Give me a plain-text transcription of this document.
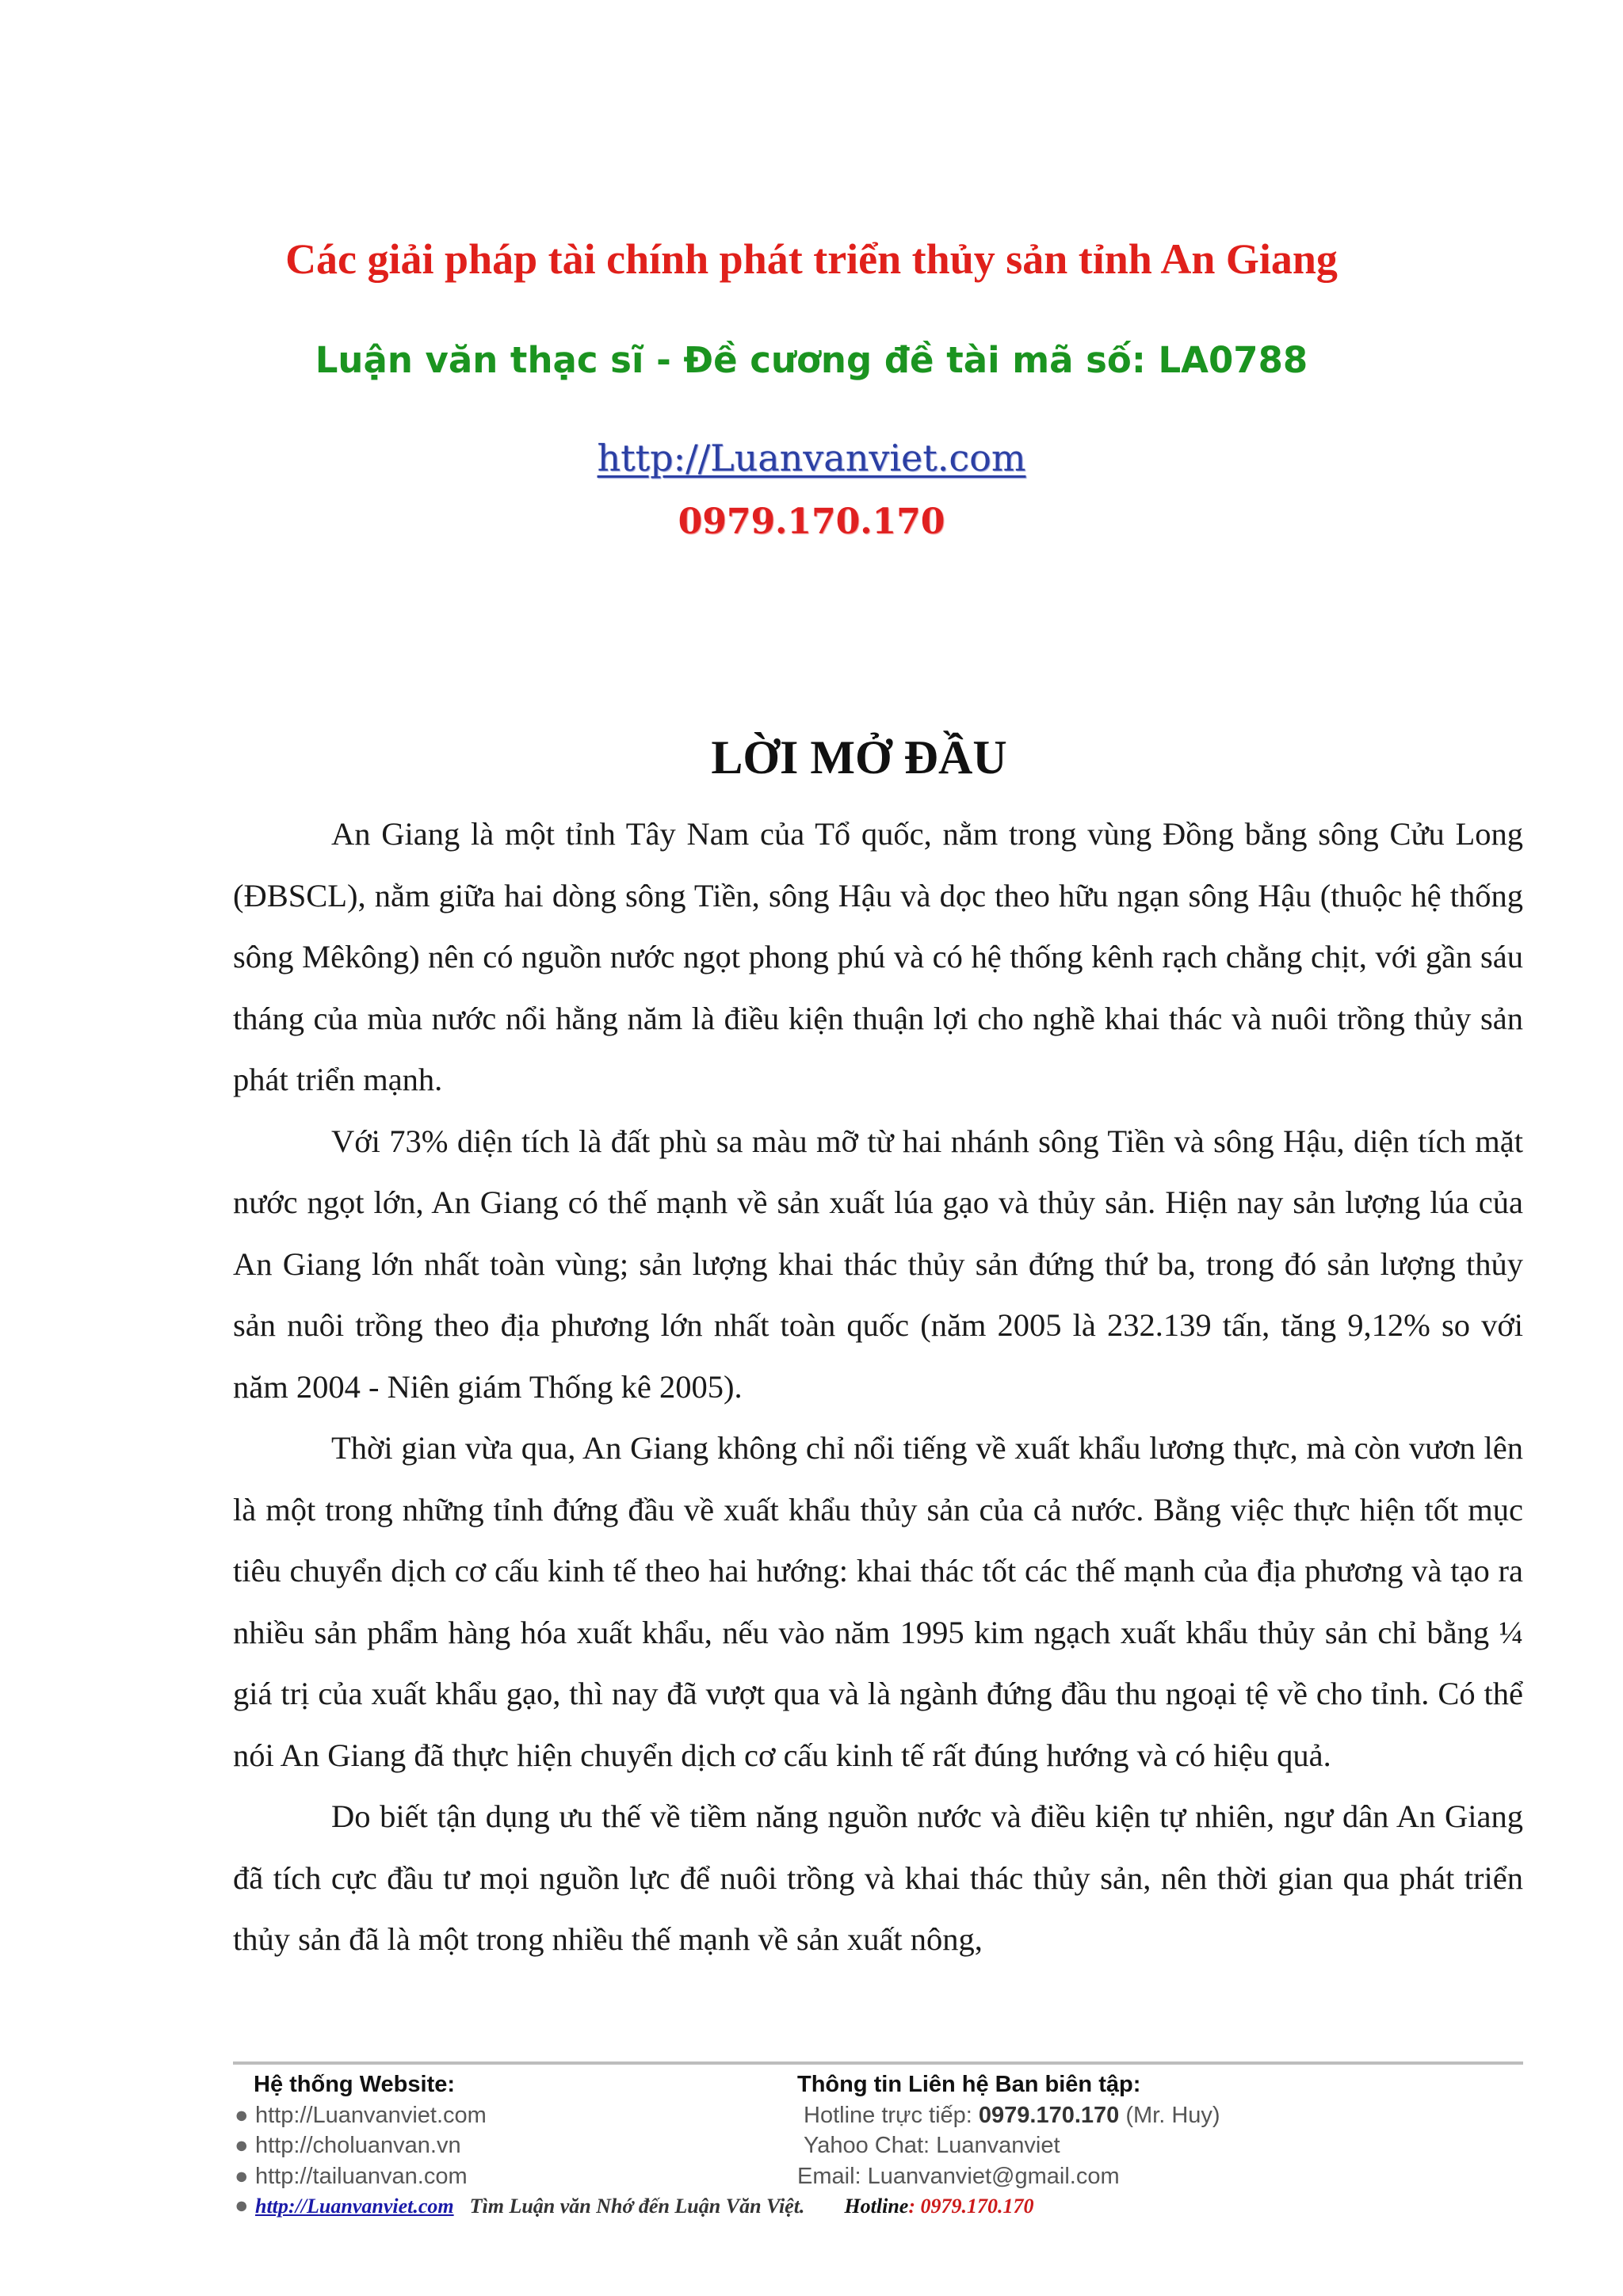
Các giải pháp tài chính phát triển thủy sản tỉnh An Giang
Luận văn thạc sĩ - Đề cương đề tài mã số: LA0788
http://Luanvanviet.com
0979.170.170
LỜI MỞ ĐẦU

An Giang là một tỉnh Tây Nam của Tổ quốc, nằm trong vùng Đồng bằng sông Cửu Long (ĐBSCL), nằm giữa hai dòng sông Tiền, sông Hậu và dọc theo hữu ngạn sông Hậu (thuộc hệ thống sông Mêkông) nên có nguồn nước ngọt phong phú và có hệ thống kênh rạch chằng chịt, với gần sáu tháng của mùa nước nổi hằng năm là điều kiện thuận lợi cho nghề khai thác và nuôi trồng thủy sản phát triển mạnh.

Với 73% diện tích là đất phù sa màu mỡ từ hai nhánh sông Tiền và sông Hậu, diện tích mặt nước ngọt lớn, An Giang có thế mạnh về sản xuất lúa gạo và thủy sản. Hiện nay sản lượng lúa của An Giang lớn nhất toàn vùng; sản lượng khai thác thủy sản đứng thứ ba, trong đó sản lượng thủy sản nuôi trồng theo địa phương lớn nhất toàn quốc (năm 2005 là 232.139 tấn, tăng 9,12% so với năm 2004 - Niên giám Thống kê 2005).

Thời gian vừa qua, An Giang không chỉ nổi tiếng về xuất khẩu lương thực, mà còn vươn lên là một trong những tỉnh đứng đầu về xuất khẩu thủy sản của cả nước. Bằng việc thực hiện tốt mục tiêu chuyển dịch cơ cấu kinh tế theo hai hướng: khai thác tốt các thế mạnh của địa phương và tạo ra nhiều sản phẩm hàng hóa xuất khẩu, nếu vào năm 1995 kim ngạch xuất khẩu thủy sản chỉ bằng ¼ giá trị của xuất khẩu gạo, thì nay đã vượt qua và là ngành đứng đầu thu ngoại tệ về cho tỉnh. Có thể nói An Giang đã thực hiện chuyển dịch cơ cấu kinh tế rất đúng hướng và có hiệu quả.

Do biết tận dụng ưu thế về tiềm năng nguồn nước và điều kiện tự nhiên, ngư dân An Giang đã tích cực đầu tư mọi nguồn lực để nuôi trồng và khai thác thủy sản, nên thời gian qua phát triển thủy sản đã là một trong nhiều thế mạnh về sản xuất nông,

Hệ thống Website:
● http://Luanvanviet.com
● http://choluanvan.vn
● http://tailuanvan.com
Thông tin Liên hệ Ban biên tập:
Hotline trực tiếp: 0979.170.170 (Mr. Huy)
Yahoo Chat: Luanvanviet
Email: Luanvanviet@gmail.com
● http://Luanvanviet.com Tìm Luận văn Nhớ đến Luận Văn Việt. Hotline: 0979.170.170
